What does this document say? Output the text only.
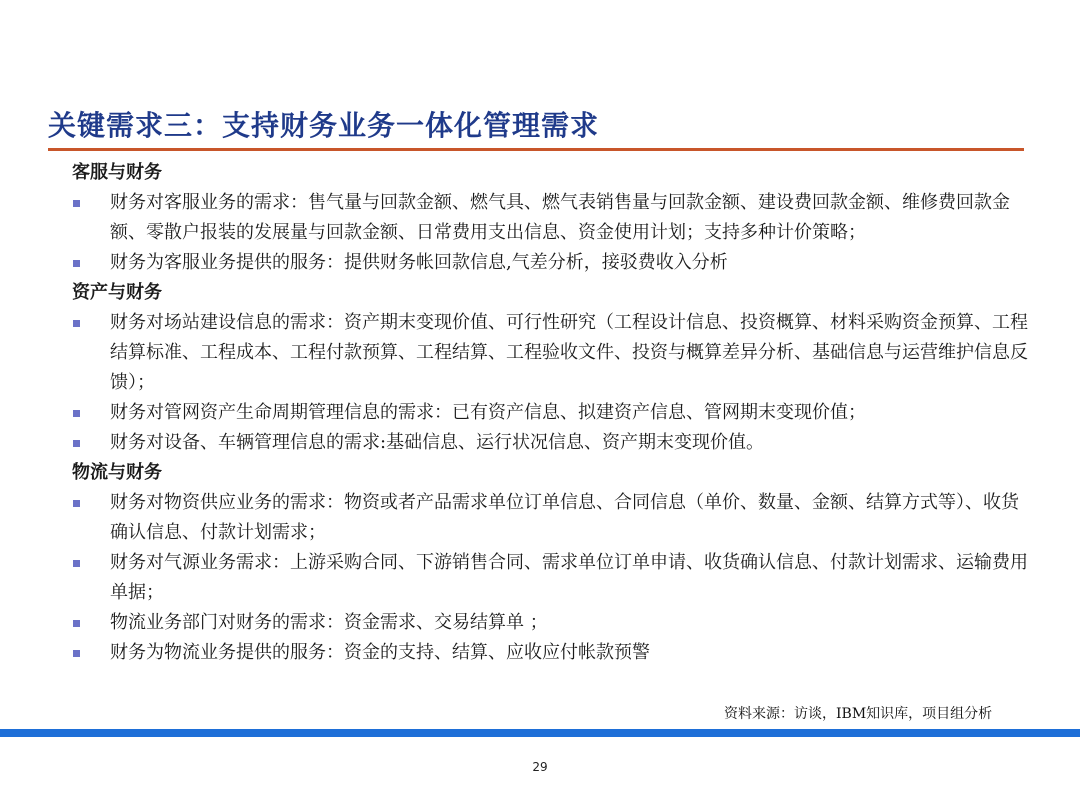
关键需求三：支持财务业务一体化管理需求
客服与财务
财务对客服业务的需求：售气量与回款金额、燃气具、燃气表销售量与回款金额、建设费回款金额、维修费回款金额、零散户报装的发展量与回款金额、日常费用支出信息、资金使用计划；支持多种计价策略；
财务为客服业务提供的服务：提供财务帐回款信息,气差分析，接驳费收入分析
资产与财务
财务对场站建设信息的需求：资产期末变现价值、可行性研究（工程设计信息、投资概算、材料采购资金预算、工程结算标准、工程成本、工程付款预算、工程结算、工程验收文件、投资与概算差异分析、基础信息与运营维护信息反馈）；
财务对管网资产生命周期管理信息的需求：已有资产信息、拟建资产信息、管网期末变现价值；
财务对设备、车辆管理信息的需求:基础信息、运行状况信息、资产期末变现价值。
物流与财务
财务对物资供应业务的需求：物资或者产品需求单位订单信息、合同信息（单价、数量、金额、结算方式等）、收货确认信息、付款计划需求；
财务对气源业务需求：上游采购合同、下游销售合同、需求单位订单申请、收货确认信息、付款计划需求、运输费用单据；
物流业务部门对财务的需求：资金需求、交易结算单 ；
财务为物流业务提供的服务：资金的支持、结算、应收应付帐款预警
资料来源：访谈，IBM知识库，项目组分析
29
